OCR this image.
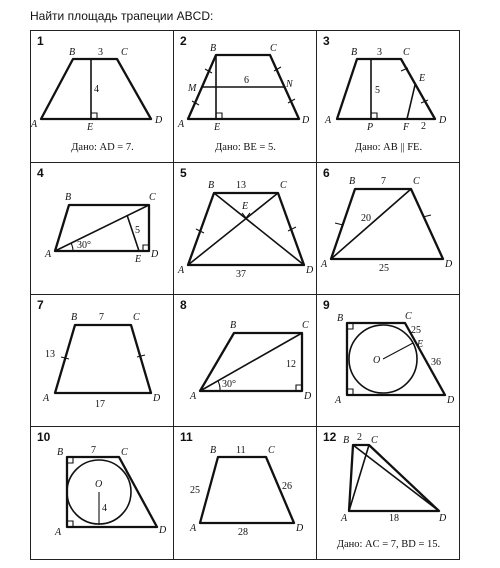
Найти площадь трапеции ABCD:
1
B 3 C
4
A	E
D
Дано: AD = 7.
2
B	C
M
6	N
A	E
D
Дано: BE = 5.
3
B 3 C
E
5
A
P	F 2
D
Дано: AB || FE.
4
B	C
30°
5
A	E D
5
B 13	C
E
A	37	D
6
B	7	C
20
A	25	D
7
B 7	C
13
A
17
D
8
B	C
12
30°
A	D
9
B	C
25
E
O	36
A	D
10
B	7	C
O
4
A	D
11
B 11 C
25	26
A	28	D
12 B 2 C
A	18	D
Дано: AC = 7, BD = 15.
